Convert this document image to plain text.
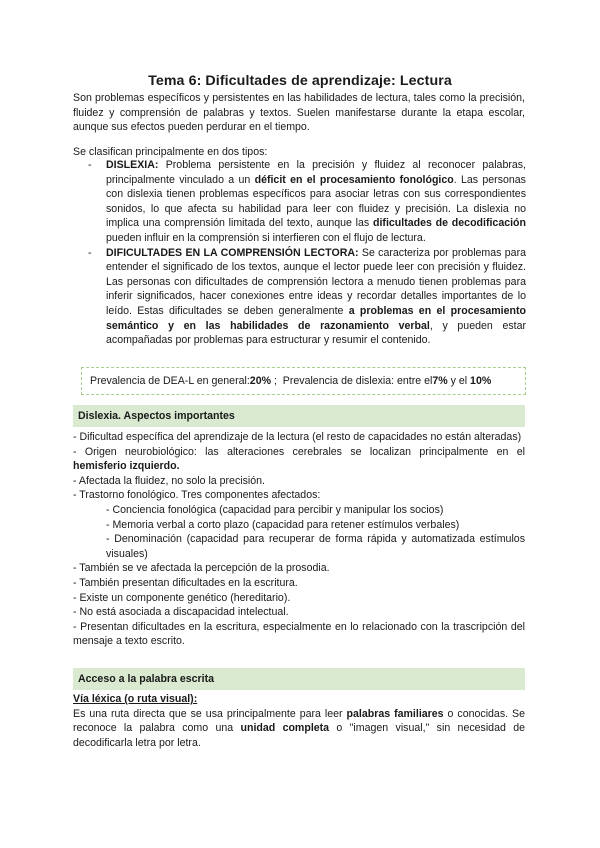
Tema 6: Dificultades de aprendizaje: Lectura
Son problemas específicos y persistentes en las habilidades de lectura, tales como la precisión, fluidez y comprensión de palabras y textos. Suelen manifestarse durante la etapa escolar, aunque sus efectos pueden perdurar en el tiempo.
Se clasifican principalmente en dos tipos:
-	DISLEXIA: Problema persistente en la precisión y fluidez al reconocer palabras, principalmente vinculado a un déficit en el procesamiento fonológico. Las personas con dislexia tienen problemas específicos para asociar letras con sus correspondientes sonidos, lo que afecta su habilidad para leer con fluidez y precisión. La dislexia no implica una comprensión limitada del texto, aunque las dificultades de decodificación pueden influir en la comprensión si interfieren con el flujo de lectura.
-	DIFICULTADES EN LA COMPRENSIÓN LECTORA: Se caracteriza por problemas para entender el significado de los textos, aunque el lector puede leer con precisión y fluidez. Las personas con dificultades de comprensión lectora a menudo tienen problemas para inferir significados, hacer conexiones entre ideas y recordar detalles importantes de lo leído. Estas dificultades se deben generalmente a problemas en el procesamiento semántico y en las habilidades de razonamiento verbal, y pueden estar acompañadas por problemas para estructurar y resumir el contenido.
Prevalencia de DEA-L en general: 20% ; Prevalencia de dislexia: entre el 7% y el 10%
Dislexia. Aspectos importantes
- Dificultad específica del aprendizaje de la lectura (el resto de capacidades no están alteradas)
- Origen neurobiológico: las alteraciones cerebrales se localizan principalmente en el hemisferio izquierdo.
- Afectada la fluidez, no solo la precisión.
- Trastorno fonológico. Tres componentes afectados:
- Conciencia fonológica (capacidad para percibir y manipular los socios)
- Memoria verbal a corto plazo (capacidad para retener estímulos verbales)
- Denominación (capacidad para recuperar de forma rápida y automatizada estímulos visuales)
- También se ve afectada la percepción de la prosodia.
- También presentan dificultades en la escritura.
- Existe un componente genético (hereditario).
- No está asociada a discapacidad intelectual.
- Presentan dificultades en la escritura, especialmente en lo relacionado con la trascripción del mensaje a texto escrito.
Acceso a la palabra escrita
Vía léxica (o ruta visual):
Es una ruta directa que se usa principalmente para leer palabras familiares o conocidas. Se reconoce la palabra como una unidad completa o "imagen visual," sin necesidad de decodificarla letra por letra.
